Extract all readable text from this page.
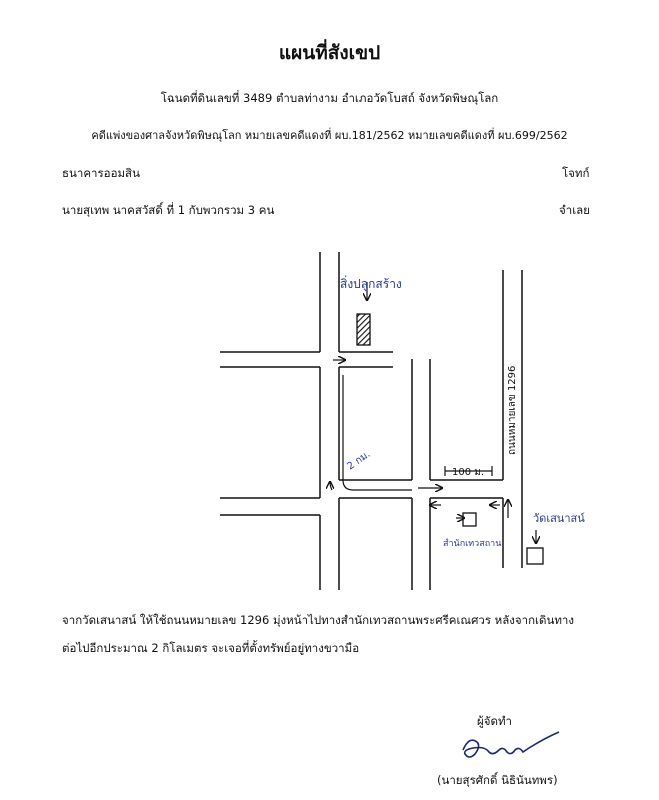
แผนที่สังเขป
โฉนดที่ดินเลขที่ 3489 ตำบลท่างาม อำเภอวัดโบสถ์ จังหวัดพิษณุโลก
คดีแพ่งของศาลจังหวัดพิษณุโลก หมายเลขคดีแดงที่ ผบ.181/2562 หมายเลขคดีแดงที่ ผบ.699/2562
ธนาคารออมสิน	โจทก์
นายสุเทพ นาคสวัสดิ์ ที่ 1 กับพวกรวม 3 คน	จำเลย
สิ่งปลูกสร้าง
2 กม.
100 ม.
ถนนหมายเลข 1296
สำนักเทวสถาน
วัดเสนาสน์
จากวัดเสนาสน์ ให้ใช้ถนนหมายเลข 1296 มุ่งหน้าไปทางสำนักเทวสถานพระศรีคเณศวร หลังจากเดินทาง
ต่อไปอีกประมาณ 2 กิโลเมตร จะเจอที่ตั้งทรัพย์อยู่ทางขวามือ
ผู้จัดทำ
(นายสุรศักดิ์ นิธินันทพร)
